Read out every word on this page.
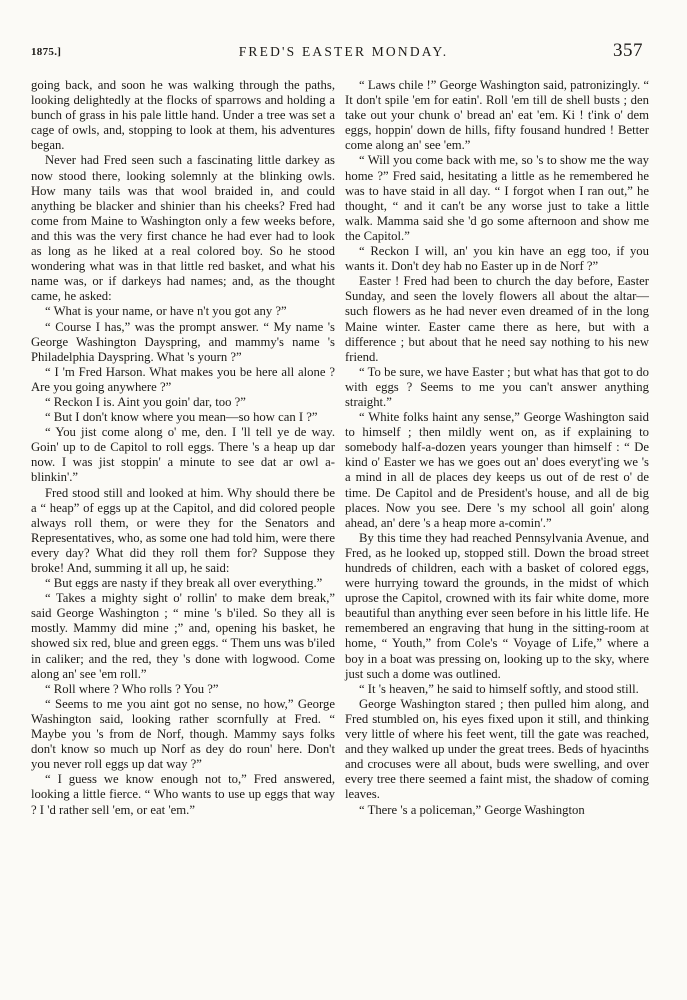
1875.]	FRED'S EASTER MONDAY.	357

going back, and soon he was walking through the paths, looking delightedly at the flocks of sparrows and holding a bunch of grass in his pale little hand. Under a tree was set a cage of owls, and, stopping to look at them, his adventures began.

Never had Fred seen such a fascinating little darkey as now stood there, looking solemnly at the blinking owls. How many tails was that wool braided in, and could anything be blacker and shinier than his cheeks? Fred had come from Maine to Washington only a few weeks before, and this was the very first chance he had ever had to look as long as he liked at a real colored boy. So he stood wondering what was in that little red basket, and what his name was, or if darkeys had names; and, as the thought came, he asked:

“ What is your name, or have n't you got any ?”

“ Course I has,” was the prompt answer. “ My name 's George Washington Dayspring, and mammy's name 's Philadelphia Dayspring. What 's yourn ?”

“ I 'm Fred Harson. What makes you be here all alone ? Are you going anywhere ?”

“ Reckon I is. Aint you goin' dar, too ?”

“ But I don't know where you mean—so how can I ?”

“ You jist come along o' me, den. I 'll tell ye de way. Goin' up to de Capitol to roll eggs. There 's a heap up dar now. I was jist stoppin' a minute to see dat ar owl a-blinkin'.”

Fred stood still and looked at him. Why should there be a “ heap” of eggs up at the Capitol, and did colored people always roll them, or were they for the Senators and Representatives, who, as some one had told him, were there every day? What did they roll them for? Suppose they broke! And, summing it all up, he said:

“ But eggs are nasty if they break all over everything.”

“ Takes a mighty sight o' rollin' to make dem break,” said George Washington ; “ mine 's b'iled. So they all is mostly. Mammy did mine ;” and, opening his basket, he showed six red, blue and green eggs. “ Them uns was b'iled in caliker; and the red, they 's done with logwood. Come along an' see 'em roll.”

“ Roll where ? Who rolls ? You ?”

“ Seems to me you aint got no sense, no how,” George Washington said, looking rather scornfully at Fred. “ Maybe you 's from de Norf, though. Mammy says folks don't know so much up Norf as dey do roun' here. Don't you never roll eggs up dat way ?”

“ I guess we know enough not to,” Fred answered, looking a little fierce. “ Who wants to use up eggs that way ? I 'd rather sell 'em, or eat 'em.”

“ Laws chile !” George Washington said, patronizingly. “ It don't spile 'em for eatin'. Roll 'em till de shell busts ; den take out your chunk o' bread an' eat 'em. Ki ! t'ink o' dem eggs, hoppin' down de hills, fifty fousand hundred ! Better come along an' see 'em.”

“ Will you come back with me, so 's to show me the way home ?” Fred said, hesitating a little as he remembered he was to have staid in all day. “ I forgot when I ran out,” he thought, “ and it can't be any worse just to take a little walk. Mamma said she 'd go some afternoon and show me the Capitol.”

“ Reckon I will, an' you kin have an egg too, if you wants it. Don't dey hab no Easter up in de Norf ?”

Easter ! Fred had been to church the day before, Easter Sunday, and seen the lovely flowers all about the altar—such flowers as he had never even dreamed of in the long Maine winter. Easter came there as here, but with a difference ; but about that he need say nothing to his new friend.

“ To be sure, we have Easter ; but what has that got to do with eggs ? Seems to me you can't answer anything straight.”

“ White folks haint any sense,” George Washington said to himself ; then mildly went on, as if explaining to somebody half-a-dozen years younger than himself : “ De kind o' Easter we has we goes out an' does everyt'ing we 's a mind in all de places dey keeps us out of de rest o' de time. De Capitol and de President's house, and all de big places. Now you see. Dere 's my school all goin' along ahead, an' dere 's a heap more a-comin'.”

By this time they had reached Pennsylvania Avenue, and Fred, as he looked up, stopped still. Down the broad street hundreds of children, each with a basket of colored eggs, were hurrying toward the grounds, in the midst of which uprose the Capitol, crowned with its fair white dome, more beautiful than anything ever seen before in his little life. He remembered an engraving that hung in the sitting-room at home, “ Youth,” from Cole's “ Voyage of Life,” where a boy in a boat was pressing on, looking up to the sky, where just such a dome was outlined.

“ It 's heaven,” he said to himself softly, and stood still.

George Washington stared ; then pulled him along, and Fred stumbled on, his eyes fixed upon it still, and thinking very little of where his feet went, till the gate was reached, and they walked up under the great trees. Beds of hyacinths and crocuses were all about, buds were swelling, and over every tree there seemed a faint mist, the shadow of coming leaves.

“ There 's a policeman,” George Washington
